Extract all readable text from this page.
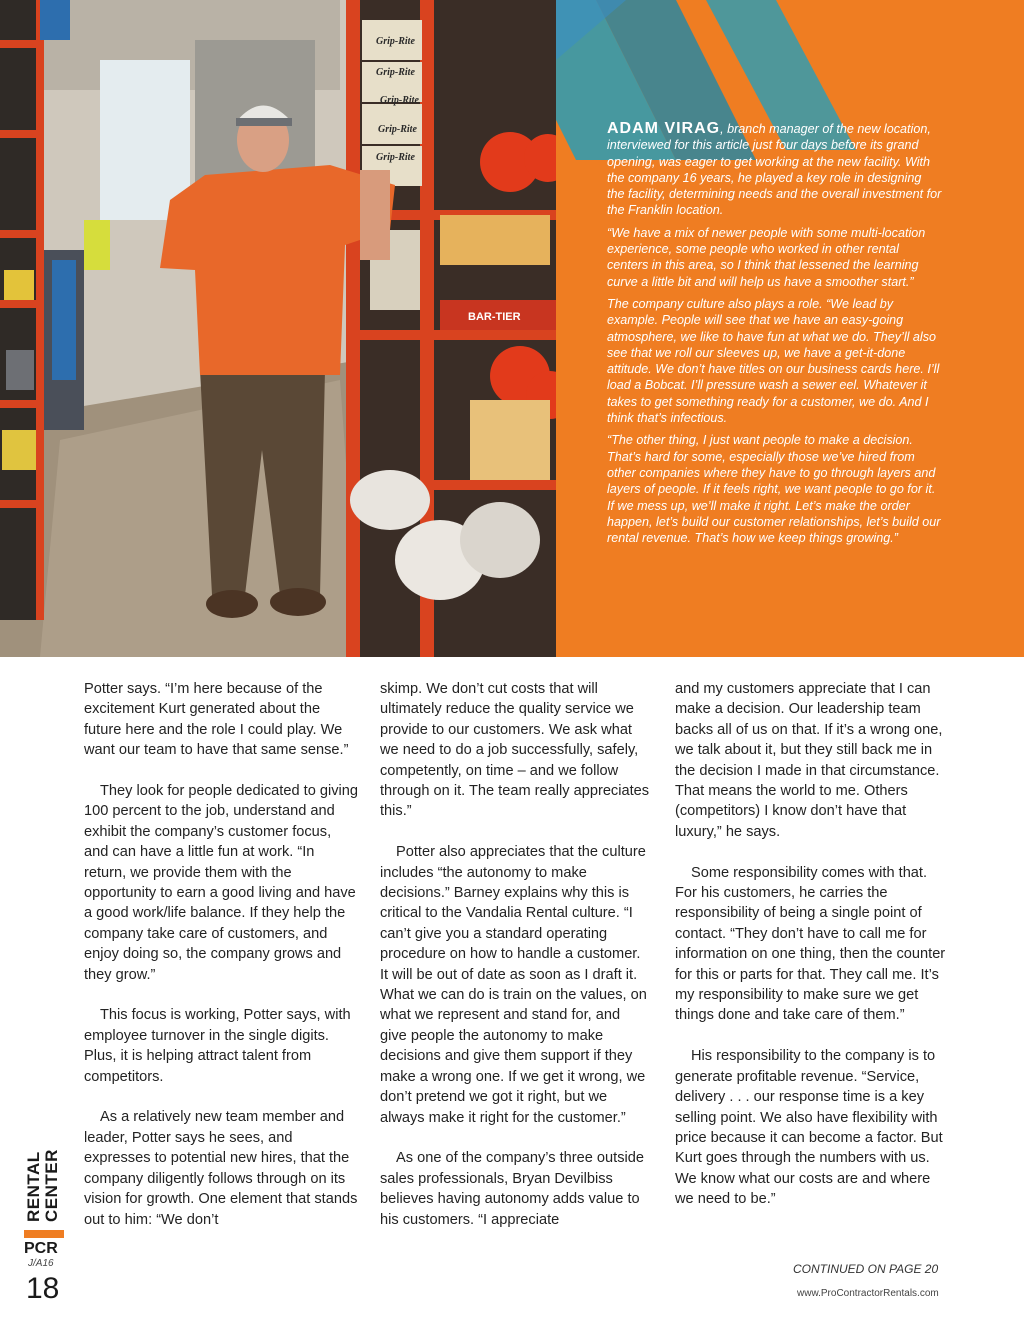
Grip-Rite
Grip-Rite
Grip-Rite
Grip-Rite
Grip-Rite
BAR-TIER

ADAM VIRAG, branch manager of the new location, interviewed for this article just four days before its grand opening, was eager to get working at the new facility. With the company 16 years, he played a key role in designing the facility, determining needs and the overall investment for the Franklin location.

“We have a mix of newer people with some multi-location experience, some people who worked in other rental centers in this area, so I think that lessened the learning curve a little bit and will help us have a smoother start.”

The company culture also plays a role. “We lead by example. People will see that we have an easy-going atmosphere, we like to have fun at what we do. They’ll also see that we roll our sleeves up, we have a get-it-done attitude. We don’t have titles on our business cards here. I’ll load a Bobcat. I’ll pressure wash a sewer eel. Whatever it takes to get something ready for a customer, we do. And I think that’s infectious.

“The other thing, I just want people to make a decision. That’s hard for some, especially those we’ve hired from other companies where they have to go through layers and layers of people. If it feels right, we want people to go for it. If we mess up, we’ll make it right. Let’s make the order happen, let’s build our customer relationships, let’s build our rental revenue. That’s how we keep things growing.”

Potter says. “I’m here because of the excitement Kurt generated about the future here and the role I could play. We want our team to have that same sense.”

They look for people dedicated to giving 100 percent to the job, understand and exhibit the company’s customer focus, and can have a little fun at work. “In return, we provide them with the opportunity to earn a good living and have a good work/life balance. If they help the company take care of customers, and enjoy doing so, the company grows and they grow.”

This focus is working, Potter says, with employee turnover in the single digits. Plus, it is helping attract talent from competitors.

As a relatively new team member and leader, Potter says he sees, and expresses to potential new hires, that the company diligently follows through on its vision for growth. One element that stands out to him: “We don’t

skimp. We don’t cut costs that will ultimately reduce the quality service we provide to our customers. We ask what we need to do a job successfully, safely, competently, on time – and we follow through on it. The team really appreciates this.”

Potter also appreciates that the culture includes “the autonomy to make decisions.” Barney explains why this is critical to the Vandalia Rental culture. “I can’t give you a standard operating procedure on how to handle a customer. It will be out of date as soon as I draft it. What we can do is train on the values, on what we represent and stand for, and give people the autonomy to make decisions and give them support if they make a wrong one. If we get it wrong, we don’t pretend we got it right, but we always make it right for the customer.”

As one of the company’s three outside sales professionals, Bryan Devilbiss believes having autonomy adds value to his customers. “I appreciate

and my customers appreciate that I can make a decision. Our leadership team backs all of us on that. If it’s a wrong one, we talk about it, but they still back me in the decision I made in that circumstance. That means the world to me. Others (competitors) I know don’t have that luxury,” he says.

Some responsibility comes with that. For his customers, he carries the responsibility of being a single point of contact. “They don’t have to call me for information on one thing, then the counter for this or parts for that. They call me. It’s my responsibility to make sure we get things done and take care of them.”

His responsibility to the company is to generate profitable revenue. “Service, delivery . . . our response time is a key selling point. We also have flexibility with price because it can become a factor. But Kurt goes through the numbers with us. We know what our costs are and where we need to be.”

CONTINUED ON PAGE 20
www.ProContractorRentals.com
RENTAL CENTER
PCR
J/A16
18
